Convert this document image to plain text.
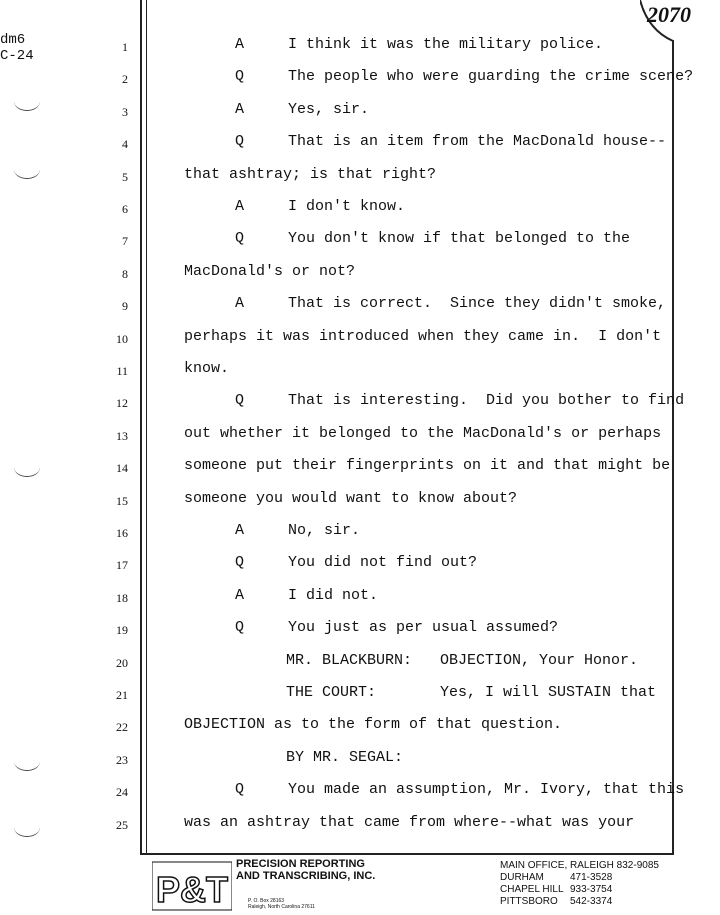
dm6
C-24
2070
1	A	I think it was the military police.
2	Q	The people who were guarding the crime scene?
3	A	Yes, sir.
4	Q	That is an item from the MacDonald house--
5	that ashtray; is that right?
6	A	I don't know.
7	Q	You don't know if that belonged to the
8	MacDonald's or not?
9	A	That is correct.  Since they didn't smoke,
10	perhaps it was introduced when they came in.  I don't
11	know.
12	Q	That is interesting.  Did you bother to find
13	out whether it belonged to the MacDonald's or perhaps
14	someone put their fingerprints on it and that might be
15	someone you would want to know about?
16	A	No, sir.
17	Q	You did not find out?
18	A	I did not.
19	Q	You just as per usual assumed?
20	MR. BLACKBURN: OBJECTION, Your Honor.
21	THE COURT:	Yes, I will SUSTAIN that
22	OBJECTION as to the form of that question.
23	BY MR. SEGAL:
24	Q	You made an assumption, Mr. Ivory, that this
25	was an ashtray that came from where--what was your
P&T
PRECISION REPORTING
AND TRANSCRIBING, INC.
P. O. Box 28163
Raleigh, North Carolina 27611
MAIN OFFICE, RALEIGH 832-9085
DURHAM	471-3528
CHAPEL HILL 933-3754
PITTSBORO	542-3374
